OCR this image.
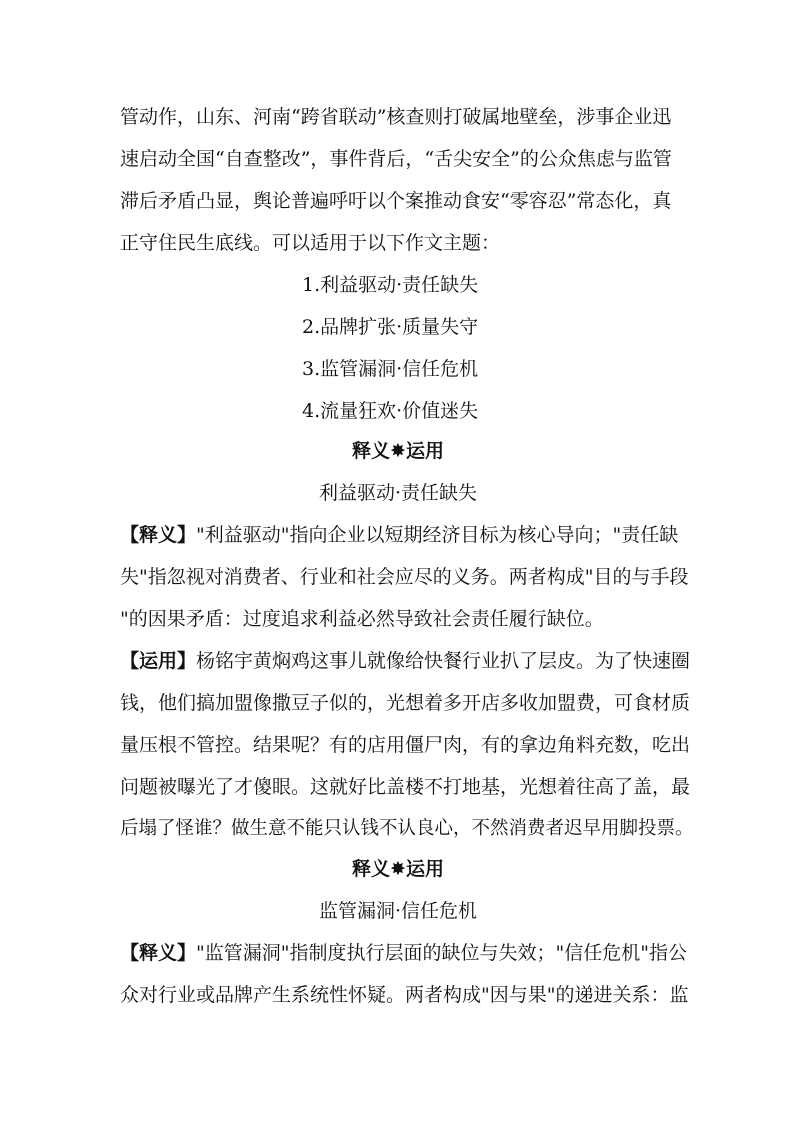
管动作，山东、河南“跨省联动”核查则打破属地壁垒，涉事企业迅
速启动全国“自查整改”，事件背后，“舌尖安全”的公众焦虑与监管
滞后矛盾凸显，舆论普遍呼吁以个案推动食安“零容忍”常态化，真
正守住民生底线。可以适用于以下作文主题：
1.利益驱动·责任缺失
2.品牌扩张·质量失守
3.监管漏洞·信任危机
4.流量狂欢·价值迷失
释义✸运用
利益驱动·责任缺失
【释义】"利益驱动"指向企业以短期经济目标为核心导向；"责任缺
失"指忽视对消费者、行业和社会应尽的义务。两者构成"目的与手段
"的因果矛盾：过度追求利益必然导致社会责任履行缺位。
【运用】杨铭宇黄焖鸡这事儿就像给快餐行业扒了层皮。为了快速圈
钱，他们搞加盟像撒豆子似的，光想着多开店多收加盟费，可食材质
量压根不管控。结果呢？有的店用僵尸肉，有的拿边角料充数，吃出
问题被曝光了才傻眼。这就好比盖楼不打地基，光想着往高了盖，最
后塌了怪谁？做生意不能只认钱不认良心，不然消费者迟早用脚投票。
释义✸运用
监管漏洞·信任危机
【释义】"监管漏洞"指制度执行层面的缺位与失效；"信任危机"指公
众对行业或品牌产生系统性怀疑。两者构成"因与果"的递进关系：监
